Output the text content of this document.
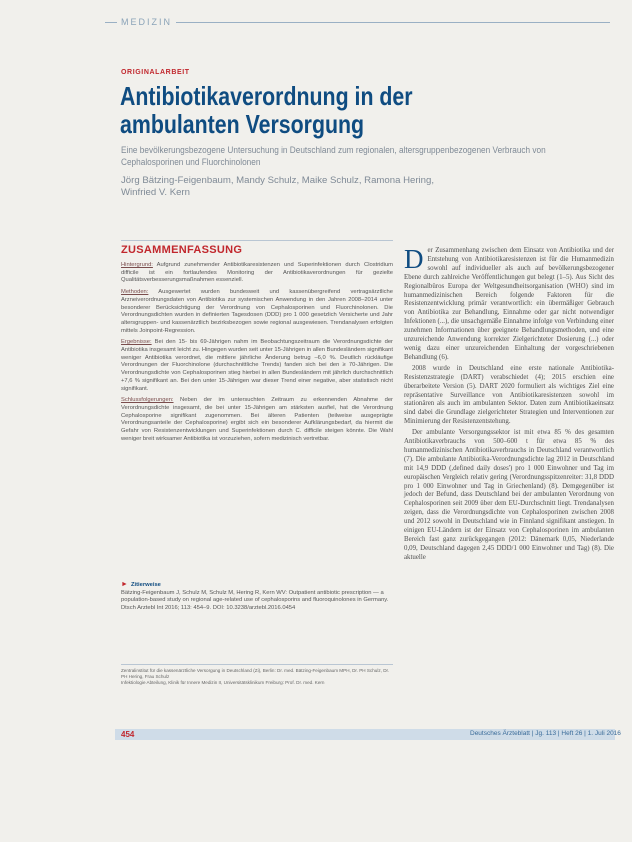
MEDIZIN
ORIGINALARBEIT
Antibiotikaverordnung in der ambulanten Versorgung
Eine bevölkerungsbezogene Untersuchung in Deutschland zum regionalen, altersgruppenbezogenen Verbrauch von Cephalosporinen und Fluorchinolonen
Jörg Bätzing-Feigenbaum, Mandy Schulz, Maike Schulz, Ramona Hering, Winfried V. Kern
ZUSAMMENFASSUNG

Hintergrund: Aufgrund zunehmender Antibiotikaresistenzen und Superinfektionen durch Clostridium difficile ist ein fortlaufendes Monitoring der Antibiotikaverordnungen für gezielte Qualitätsverbesserungsmaßnahmen essenziell.

Methoden: Ausgewertet wurden bundesweit und kassenübergreifend vertragsärztliche Arzneiverordnungsdaten von Antibiotika zur systemischen Anwendung in den Jahren 2008–2014 unter besonderer Berücksichtigung der Verordnung von Cephalosporinen und Fluorchinolonen. Die Verordnungsdichten wurden in definierten Tagesdosen (DDD) pro 1 000 gesetzlich Versicherte und Jahr altersgruppen- und kassenärztlich bezirksbezogen sowie regional ausgewiesen. Trendanalysen erfolgten mittels Joinpoint-Regression.

Ergebnisse: Bei den 15- bis 69-Jährigen nahm im Beobachtungszeitraum die Verordnungsdichte der Antibiotika insgesamt leicht zu. Hingegen wurden seit unter 15-Jährigen in allen Bundesländern signifikant weniger Antibiotika verordnet, die mittlere jährliche Änderung betrug –6,0 %. Deutlich rückläufige Verordnungen der Fluorchinolone (durchschnittliche Trends) fanden sich bei den ≥ 70-Jährigen. Die Verordnungsdichte von Cephalosporinen stieg hierbei in allen Bundesländern mit jährlich durchschnittlich +7,6 % signifikant an. Bei den unter 15-Jährigen war dieser Trend einer negative, aber statistisch nicht signifikant.

Schlussfolgerungen: Neben der im untersuchten Zeitraum zu erkennenden Abnahme der Verordnungsdichte insgesamt, die bei unter 15-Jährigen am stärksten ausfiel, hat die Verordnung Cephalosporine signifikant zugenommen. Bei älteren Patienten (teilweise ausgeprägte Verordnungsanteile der Cephalosporine) ergibt sich ein besonderer Aufklärungsbedarf, da hiermit die Gefahr von Resistenzentwicklungen und Superinfektionen durch C. difficile steigen könnte. Die Wahl weniger breit wirksamer Antibiotika ist vorzuziehen, sofern medizinisch vertretbar.

► Zitierweise
Bätzing-Feigenbaum J, Schulz M, Schulz M, Hering R, Kern WV: Outpatient antibiotic prescription — a population-based study on regional age-related use of cephalosporins and fluoroquinolones in Germany. Dtsch Arztebl Int 2016; 113: 454–9. DOI: 10.3238/arztebl.2016.0454
Zentralinstitut für die kassenärztliche Versorgung in Deutschland (Zi), Berlin: Dr. med. Bätzing-Feigenbaum MPH, Dr. PH Schulz, Dr. PH Hering, Frau Schulz
Infektiologie Abteilung, Klinik für Innere Medizin II, Universitätsklinikum Freiburg: Prof. Dr. med. Kern

Der Zusammenhang zwischen dem Einsatz von Antibiotika und der Entstehung von Antibiotikaresistenzen ist für die Humanmedizin sowohl auf individueller als auch auf bevölkerungsbezogener Ebene durch zahlreiche Veröffentlichungen gut belegt (1–5). Aus Sicht des Regionalbüros Europa der Weltgesundheitsorganisation (WHO) sind im humanmedizinischen Bereich folgende Faktoren für die Resistenzentwicklung primär verantwortlich: ein übermäßiger Gebrauch von Antibiotika zur Behandlung, Einnahme oder gar nicht notwendiger Infektionen (...), die unsachgemäße Einnahme infolge von Verbindung einer zunehmen Informationen über geeignete Behandlungsmethoden, und eine unzureichende Anwendung korrekter Zielgerichteter Dosierung (...) oder wenig dazu einer unzureichenden Einhaltung der vorgeschriebenen Behandlung (6).

2008 wurde in Deutschland eine erste nationale Antibiotika-Resistenzstrategie (DART) verabschiedet (4); 2015 erschien eine überarbeitete Version (5). DART 2020 formuliert als wichtiges Ziel eine repräsentative Surveillance von Antibiotikaresistenzen sowohl im stationären als auch im ambulanten Sektor. Daten zum Antibiotikaeinsatz sind dabei die Grundlage zielgerichteter Strategien und Interventionen zur Minimierung der Resistenzentstehung.

Der ambulante Versorgungssektor ist mit etwa 85 % des gesamten Antibiotikaverbrauchs von 500–600 t für etwa 85 % des humanmedizinischen Antibiotikaverbrauchs in Deutschland verantwortlich (7). Die ambulante Antibiotika-Verordnungsdichte lag 2012 in Deutschland mit 14,9 DDD (,defined daily doses') pro 1 000 Einwohner und Tag im europäischen Vergleich relativ gering (Verordnungsspitzenreiter: 31,8 DDD pro 1 000 Einwohner und Tag in Griechenland) (8). Demgegenüber ist jedoch der Befund, dass Deutschland bei der ambulanten Verordnung von Cephalosporinen seit 2009 über dem EU-Durchschnitt liegt. Trendanalysen zeigen, dass die Verordnungsdichte von Cephalosporinen zwischen 2008 und 2012 sowohl in Deutschland wie in Finnland signifikant anstiegen. In einigen EU-Ländern ist der Einsatz von Cephalosporinen im ambulanten Bereich fast ganz zurückgegangen (2012: Dänemark 0,05, Niederlande 0,09, Deutschland dagegen 2,45 DDD/1 000 Einwohner und Tag) (8). Die aktuelle

454	Deutsches Ärzteblatt | Jg. 113 | Heft 26 | 1. Juli 2016
